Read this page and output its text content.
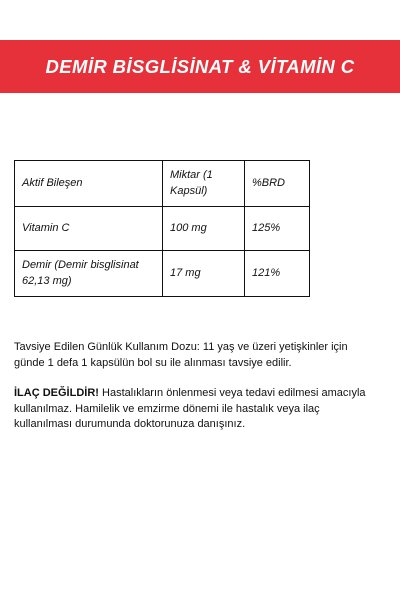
DEMİR BİSGLİSİNAT & VİTAMİN C
Aktif Bileşen	Miktar (1 Kapsül)	%BRD
Vitamin C	100 mg	125%
Demir (Demir bisglisinat 62,13 mg)	17 mg	121%

Tavsiye Edilen Günlük Kullanım Dozu: 11 yaş ve üzeri yetişkinler için günde 1 defa 1 kapsülün bol su ile alınması tavsiye edilir.

İLAÇ DEĞİLDİR! Hastalıkların önlenmesi veya tedavi edilmesi amacıyla kullanılmaz. Hamilelik ve emzirme dönemi ile hastalık veya ilaç kullanılması durumunda doktorunuza danışınız.
